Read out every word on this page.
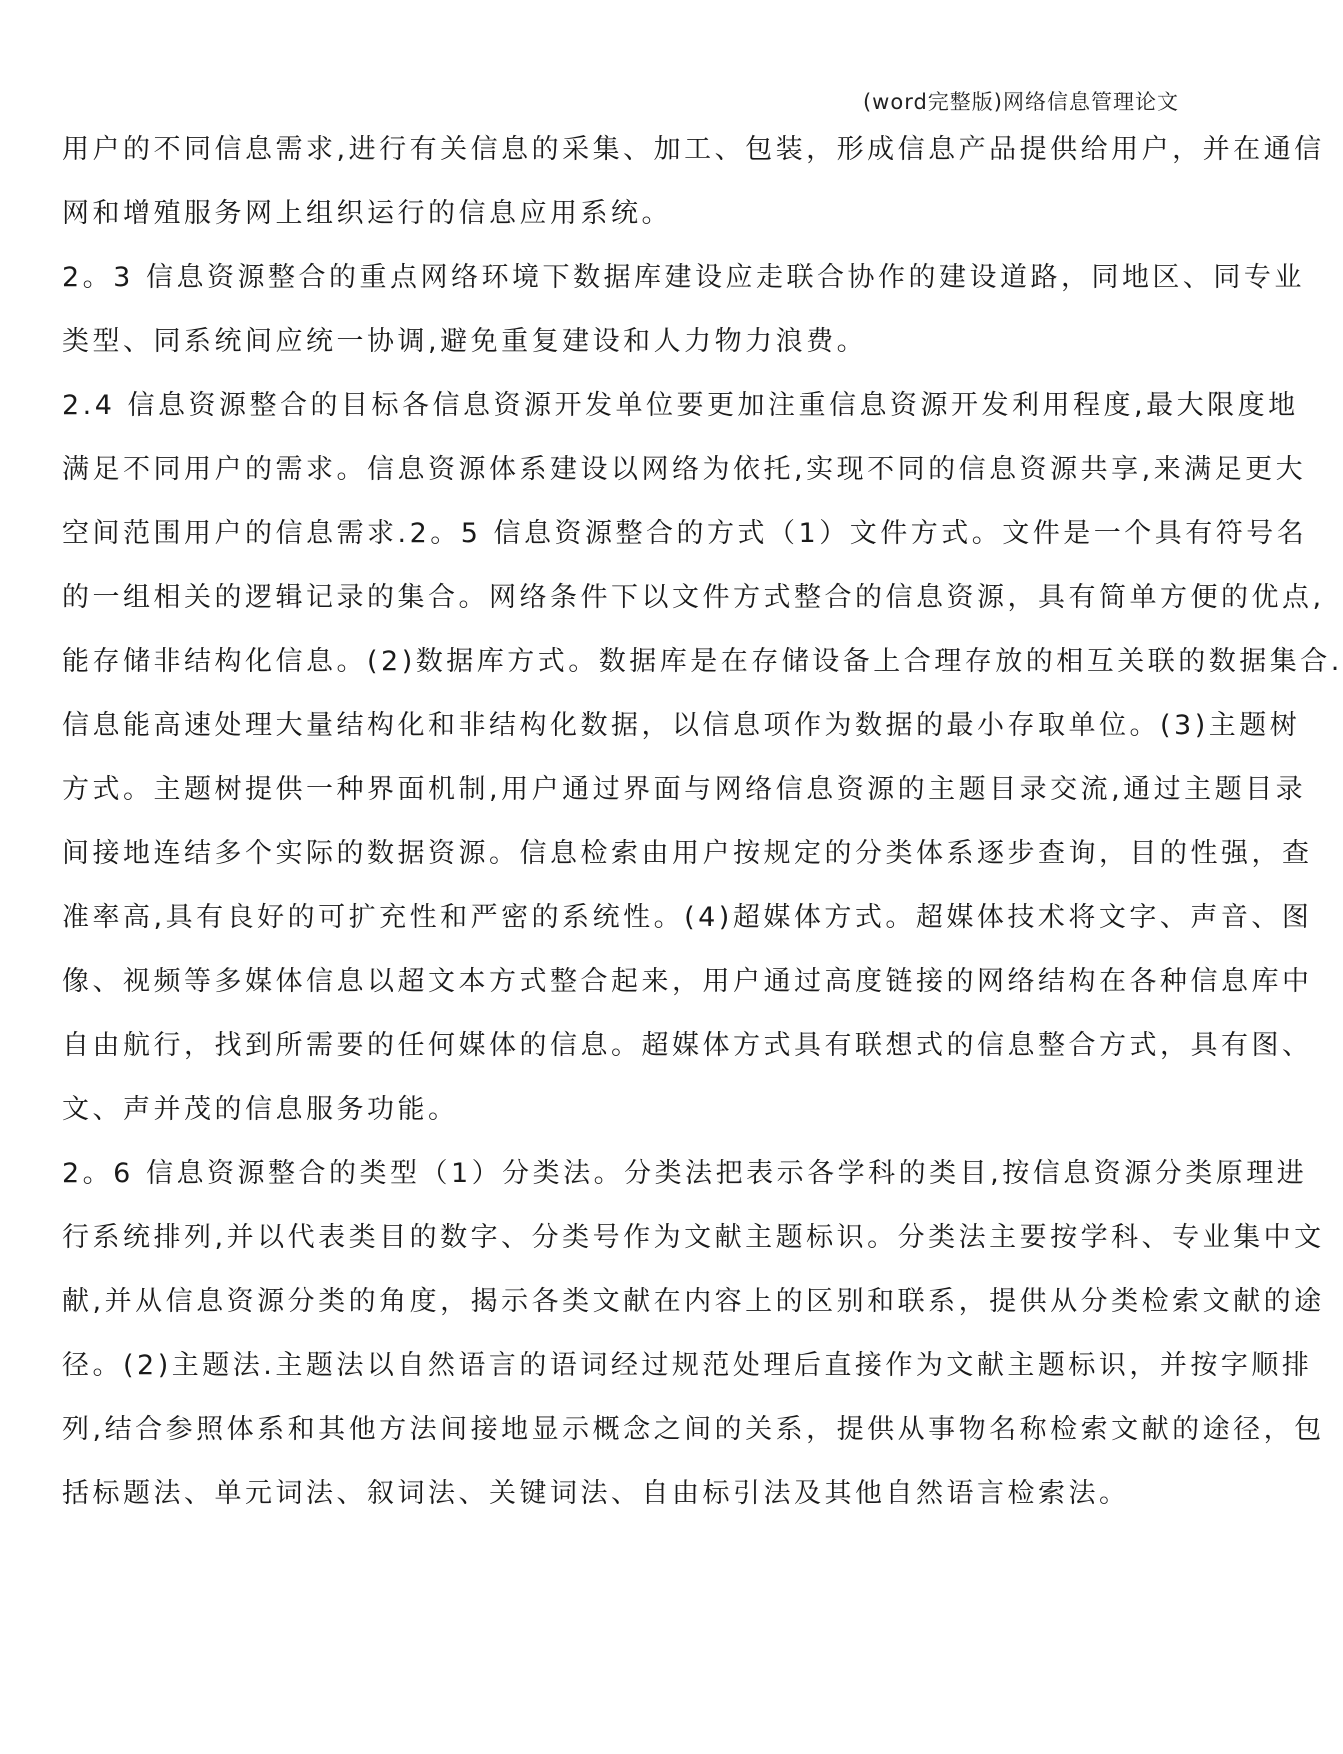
(word完整版)网络信息管理论文
用户的不同信息需求,进行有关信息的采集、加工、包装，形成信息产品提供给用户，并在通信
网和增殖服务网上组织运行的信息应用系统。
2。3 信息资源整合的重点网络环境下数据库建设应走联合协作的建设道路，同地区、同专业
类型、同系统间应统一协调,避免重复建设和人力物力浪费。
2.4 信息资源整合的目标各信息资源开发单位要更加注重信息资源开发利用程度,最大限度地
满足不同用户的需求。信息资源体系建设以网络为依托,实现不同的信息资源共享,来满足更大
空间范围用户的信息需求.2。5 信息资源整合的方式（1）文件方式。文件是一个具有符号名
的一组相关的逻辑记录的集合。网络条件下以文件方式整合的信息资源，具有简单方便的优点,
能存储非结构化信息。(2)数据库方式。数据库是在存储设备上合理存放的相互关联的数据集合.
信息能高速处理大量结构化和非结构化数据，以信息项作为数据的最小存取单位。(3)主题树
方式。主题树提供一种界面机制,用户通过界面与网络信息资源的主题目录交流,通过主题目录
间接地连结多个实际的数据资源。信息检索由用户按规定的分类体系逐步查询，目的性强，查
准率高,具有良好的可扩充性和严密的系统性。(4)超媒体方式。超媒体技术将文字、声音、图
像、视频等多媒体信息以超文本方式整合起来，用户通过高度链接的网络结构在各种信息库中
自由航行，找到所需要的任何媒体的信息。超媒体方式具有联想式的信息整合方式，具有图、
文、声并茂的信息服务功能。
2。6 信息资源整合的类型（1）分类法。分类法把表示各学科的类目,按信息资源分类原理进
行系统排列,并以代表类目的数字、分类号作为文献主题标识。分类法主要按学科、专业集中文
献,并从信息资源分类的角度，揭示各类文献在内容上的区别和联系，提供从分类检索文献的途
径。(2)主题法.主题法以自然语言的语词经过规范处理后直接作为文献主题标识，并按字顺排
列,结合参照体系和其他方法间接地显示概念之间的关系，提供从事物名称检索文献的途径，包
括标题法、单元词法、叙词法、关键词法、自由标引法及其他自然语言检索法。
